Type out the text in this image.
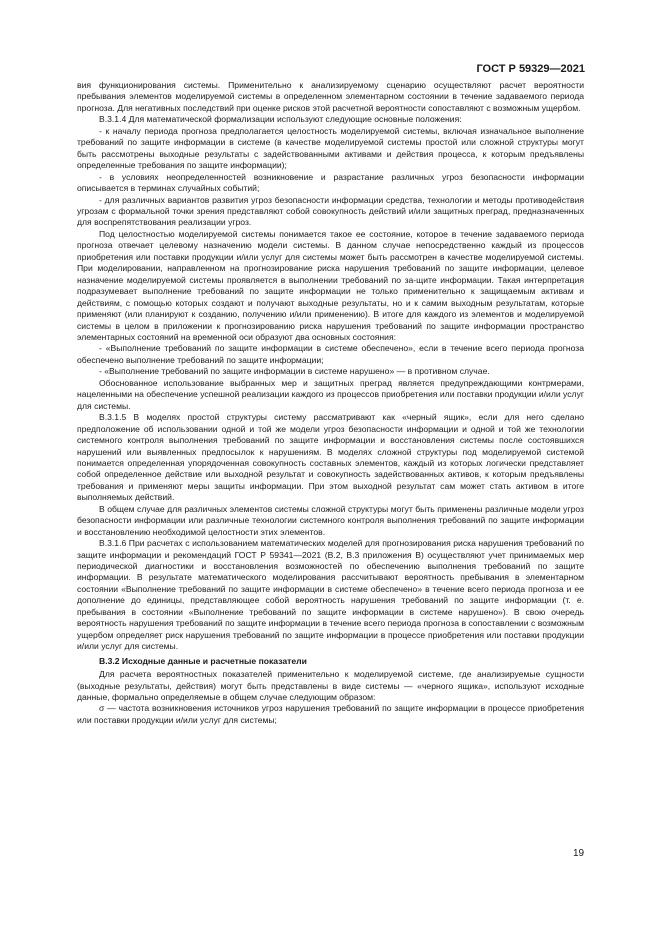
ГОСТ Р 59329—2021

вия функционирования системы. Применительно к анализируемому сценарию осуществляют расчет вероятности пребывания элементов моделируемой системы в определенном элементарном состоянии в течение задаваемого периода прогноза. Для негативных последствий при оценке рисков этой расчетной вероятности сопоставляют с возможным ущербом.

В.3.1.4 Для математической формализации используют следующие основные положения:

- к началу периода прогноза предполагается целостность моделируемой системы, включая изначальное выполнение требований по защите информации в системе (в качестве моделируемой системы простой или сложной структуры могут быть рассмотрены выходные результаты с задействованными активами и действия процесса, к которым предъявлены определенные требования по защите информации);

- в условиях неопределенностей возникновение и разрастание различных угроз безопасности информации описывается в терминах случайных событий;

- для различных вариантов развития угроз безопасности информации средства, технологии и методы противодействия угрозам с формальной точки зрения представляют собой совокупность действий и/или защитных преград, предназначенных для воспрепятствования реализации угроз.

Под целостностью моделируемой системы понимается такое ее состояние, которое в течение задаваемого периода прогноза отвечает целевому назначению модели системы. В данном случае непосредственно каждый из процессов приобретения или поставки продукции и/или услуг для системы может быть рассмотрен в качестве моделируемой системы. При моделировании, направленном на прогнозирование риска нарушения требований по защите информации, целевое назначение моделируемой системы проявляется в выполнении требований по за-щите информации. Такая интерпретация подразумевает выполнение требований по защите информации не только применительно к защищаемым активам и действиям, с помощью которых создают и получают выходные результаты, но и к самим выходным результатам, которые применяют (или планируют к созданию, получению и/или применению). В итоге для каждого из элементов и моделируемой системы в целом в приложении к прогнозированию риска нарушения требований по защите информации пространство элементарных состояний на временной оси образуют два основных состояния:

- «Выполнение требований по защите информации в системе обеспечено», если в течение всего периода прогноза обеспечено выполнение требований по защите информации;

- «Выполнение требований по защите информации в системе нарушено» — в противном случае.

Обоснованное использование выбранных мер и защитных преград является предупреждающими контрмерами, нацеленными на обеспечение успешной реализации каждого из процессов приобретения или поставки продукции и/или услуг для системы.

В.3.1.5 В моделях простой структуры систему рассматривают как «черный ящик», если для него сделано предположение об использовании одной и той же модели угроз безопасности информации и одной и той же технологии системного контроля выполнения требований по защите информации и восстановления системы после состоявшихся нарушений или выявленных предпосылок к нарушениям. В моделях сложной структуры под моделируемой системой понимается определенная упорядоченная совокупность составных элементов, каждый из которых логически представляет собой определенное действие или выходной результат и совокупность задействованных активов, к которым предъявлены требования и применяют меры защиты информации. При этом выходной результат сам может стать активом в итоге выполняемых действий.

В общем случае для различных элементов системы сложной структуры могут быть применены различные модели угроз безопасности информации или различные технологии системного контроля выполнения требований по защите информации и восстановлению необходимой целостности этих элементов.

В.3.1.6 При расчетах с использованием математических моделей для прогнозирования риска нарушения требований по защите информации и рекомендаций ГОСТ Р 59341—2021 (В.2, В.3 приложения В) осуществляют учет принимаемых мер периодической диагностики и восстановления возможностей по обеспечению выполнения требований по защите информации. В результате математического моделирования рассчитывают вероятность пребывания в элементарном состоянии «Выполнение требований по защите информации в системе обеспечено» в течение всего периода прогноза и ее дополнение до единицы, представляющее собой вероятность нарушения требований по защите информации (т. е. пребывания в состоянии «Выполнение требований по защите информации в системе нарушено»). В свою очередь вероятность нарушения требований по защите информации в течение всего периода прогноза в сопоставлении с возможным ущербом определяет риск нарушения требований по защите информации в процессе приобретения или поставки продукции и/или услуг для системы.

В.3.2 Исходные данные и расчетные показатели

Для расчета вероятностных показателей применительно к моделируемой системе, где анализируемые сущности (выходные результаты, действия) могут быть представлены в виде системы — «черного ящика», используют исходные данные, формально определяемые в общем случае следующим образом:

σ — частота возникновения источников угроз нарушения требований по защите информации в процессе приобретения или поставки продукции и/или услуг для системы;

19
